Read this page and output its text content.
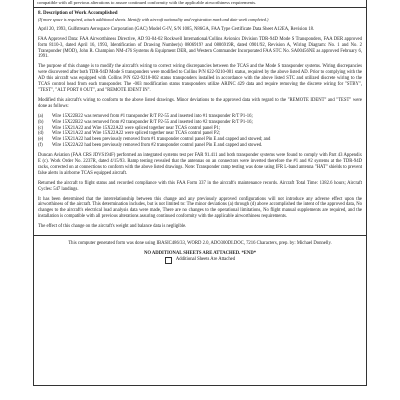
compatible with all previous alterations to assure continued conformity with the applicable airworthiness requirements.
8. Description of Work Accomplished
(If more space is required, attach additional sheets. Identify with aircraft nationality and registration mark and date work completed.)

April 20, 1993, Gulfstream Aerospace Corporation (GAC) Model G-IV, S/N 1085, N86GA, FAA Type Certificate Data Sheet A12EA, Revision 18.

FAA Approved Data: FAA Airworthiness Directive, AD 93-04-02 Rockwell International/Collins Avionics Division TDR-94D Mode S Transponders, FAA DER approved form 8110-3, dated April 16, 1993, Identification of Drawing Number(s) 0806919? and 0806919R, dated 0901/92, Revision A, Wiring Diagram: No. 1 and No. 2 Transponder (MOD), John R. Champion NM-476 Systems & Equipment DER, and Western Commander Incorporated FAA STC No. SA00456NE as approved February 6, 1991.

The purpose of this change is to modify the aircraft's wiring to correct wiring discrepancies between the TCAS and the Mode S transponder systems. Wiring discrepancies were discovered after both TDR-94D Mode S transponders were modified to Collins P/N 622-9210-001 status, required by the above listed AD. Prior to complying with the AD this aircraft was equipped with Collins P/N 622-9210-002 status transponders installed in accordance with the above listed STC and utilized discrete wiring to the TCAS control head from each transponder. The -003 modification status transponders utilize ARINC 429 data and require removing the discrete wiring for "STBY", "TEST", "ALT PORT 0 OUT", and "REMOTE IDENT IN".

Modified this aircraft's wiring to conform to the above listed drawings. Minor deviations to the approved data with regard to the "REMOTE IDENT" and "TEST" were done as follows:

(a)	Wire 15X22B22 was removed from #1 transponder R/T P2-55 and inserted into #1 transponder R/T P1-16;
(b)	Wire 15X22B22 was removed from #2 transponder R/T P2-55 and inserted into #2 transponder R/T P1-16;
(c)	Wire 15X21A22 and Wire 15X22A22 were spliced together near TCAS control panel P1;
(d)	Wire 15X21A22 and Wire 15X22A22 were spliced together near TCAS control panel P2;
(e)	Wire 15X21A22 had been previously removed from #1 transponder control panel Pin E and capped and stowed; and
(f)	Wire 15X22A22 had been previously removed from #2 transponder control panel Pin E and capped and stowed.

Duncan Aviation (FAA CRS JDVS194F) performed an integrated systems test per FAR 91.411 and both transponder systems were found to comply with Part 43 Appendix E (c). Work Order No. 2237R, dated 4/15/93. Ramp testing revealed that the antennas on an connectors were inverted therefore the #1 and #2 systems at the TDR-94D racks, corrected on at connections to conform with the above listed drawings. Note: Transponder ramp testing was done using IFR L-band antenna "HAT" shields to prevent false alerts in airborne TCAS equipped aircraft.

Returned the aircraft to flight status and recorded compliance with this FAA Form 337 in the aircraft's maintenance records. Aircraft Total Time: 1382.6 hours; Aircraft Cycles: 547 landings.

It has been determined that the interrelationship between this change and any previously approved configurations will not introduce any adverse effect upon the airworthiness of the aircraft. This determination includes, but is not limited to: The minor deviations (a) through (d) above accomplished the intent of the approved data, No changes to the aircraft's electrical load analysis data were made, There are no changes to the operational limitations, No flight manual supplements are required, and the installation is compatible with all previous alterations assuring continued conformity with the applicable airworthiness requirements.

The effect of this change on the aircraft's weight and balance data is negligible.

This computer generated form was done using IBASIC486/33, WORD 2.0, ADO300DI.DOC, 7216 Characters, prep. by: Michael Donnelly.

NO ADDITIONAL SHEETS ARE ATTACHED. *END*
Additional Sheets Are Attached
